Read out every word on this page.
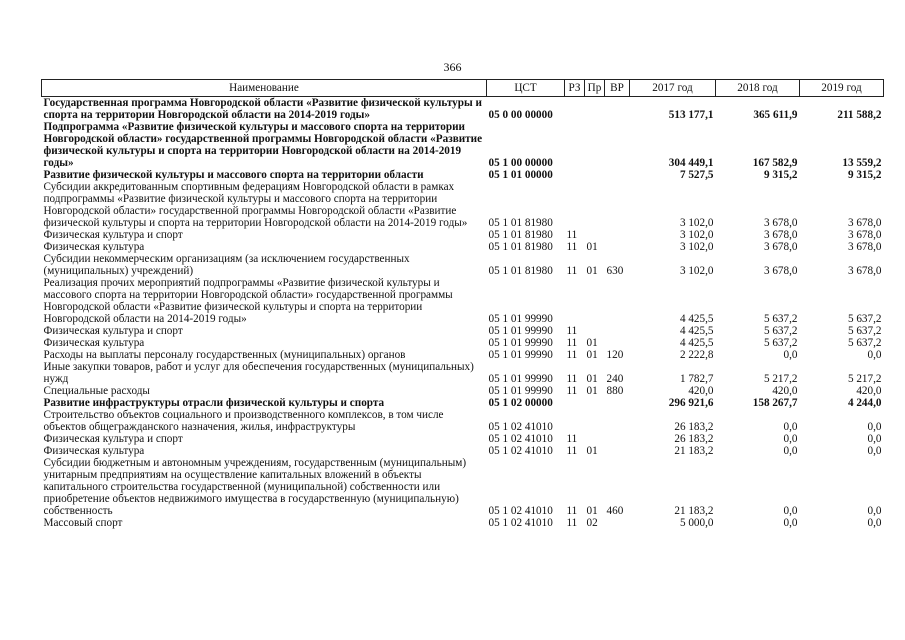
366
Наименование	ЦСТ	РЗ	Пр	ВР	2017 год	2018 год	2019 год
Государственная программа Новгородской области «Развитие физической культуры и спорта на территории Новгородской области на 2014-2019 годы»	05 0 00 00000				513 177,1	365 611,9	211 588,2
Подпрограмма «Развитие физической культуры и массового спорта на территории Новгородской области» государственной программы Новгородской области «Развитие физической культуры и спорта на территории Новгородской области на 2014-2019 годы»	05 1 00 00000				304 449,1	167 582,9	13 559,2
Развитие физической культуры и массового спорта на территории области	05 1 01 00000				7 527,5	9 315,2	9 315,2
Субсидии аккредитованным спортивным федерациям Новгородской области в рамках подпрограммы «Развитие физической культуры и массового спорта на территории Новгородской области» государственной программы Новгородской области «Развитие физической культуры и спорта на территории Новгородской области на 2014-2019 годы»	05 1 01 81980				3 102,0	3 678,0	3 678,0
Физическая культура и спорт	05 1 01 81980	11			3 102,0	3 678,0	3 678,0
Физическая культура	05 1 01 81980	11	01		3 102,0	3 678,0	3 678,0
Субсидии некоммерческим организациям (за исключением государственных (муниципальных) учреждений)	05 1 01 81980	11	01	630	3 102,0	3 678,0	3 678,0
Реализация прочих мероприятий подпрограммы «Развитие физической культуры и массового спорта на территории Новгородской области» государственной программы Новгородской области «Развитие физической культуры и спорта на территории Новгородской области на 2014-2019 годы»	05 1 01 99990				4 425,5	5 637,2	5 637,2
Физическая культура и спорт	05 1 01 99990	11			4 425,5	5 637,2	5 637,2
Физическая культура	05 1 01 99990	11	01		4 425,5	5 637,2	5 637,2
Расходы на выплаты персоналу государственных (муниципальных) органов	05 1 01 99990	11	01	120	2 222,8	0,0	0,0
Иные закупки товаров, работ и услуг для обеспечения государственных (муниципальных) нужд	05 1 01 99990	11	01	240	1 782,7	5 217,2	5 217,2
Специальные расходы	05 1 01 99990	11	01	880	420,0	420,0	420,0
Развитие инфраструктуры отрасли физической культуры и спорта	05 1 02 00000				296 921,6	158 267,7	4 244,0
Строительство объектов социального и производственного комплексов, в том числе объектов общегражданского назначения, жилья, инфраструктуры	05 1 02 41010				26 183,2	0,0	0,0
Физическая культура и спорт	05 1 02 41010	11			26 183,2	0,0	0,0
Физическая культура	05 1 02 41010	11	01		21 183,2	0,0	0,0
Субсидии бюджетным и автономным учреждениям, государственным (муниципальным) унитарным предприятиям на осуществление капитальных вложений в объекты капитального строительства государственной (муниципальной) собственности или приобретение объектов недвижимого имущества в государственную (муниципальную) собственность	05 1 02 41010	11	01	460	21 183,2	0,0	0,0
Массовый спорт	05 1 02 41010	11	02		5 000,0	0,0	0,0
